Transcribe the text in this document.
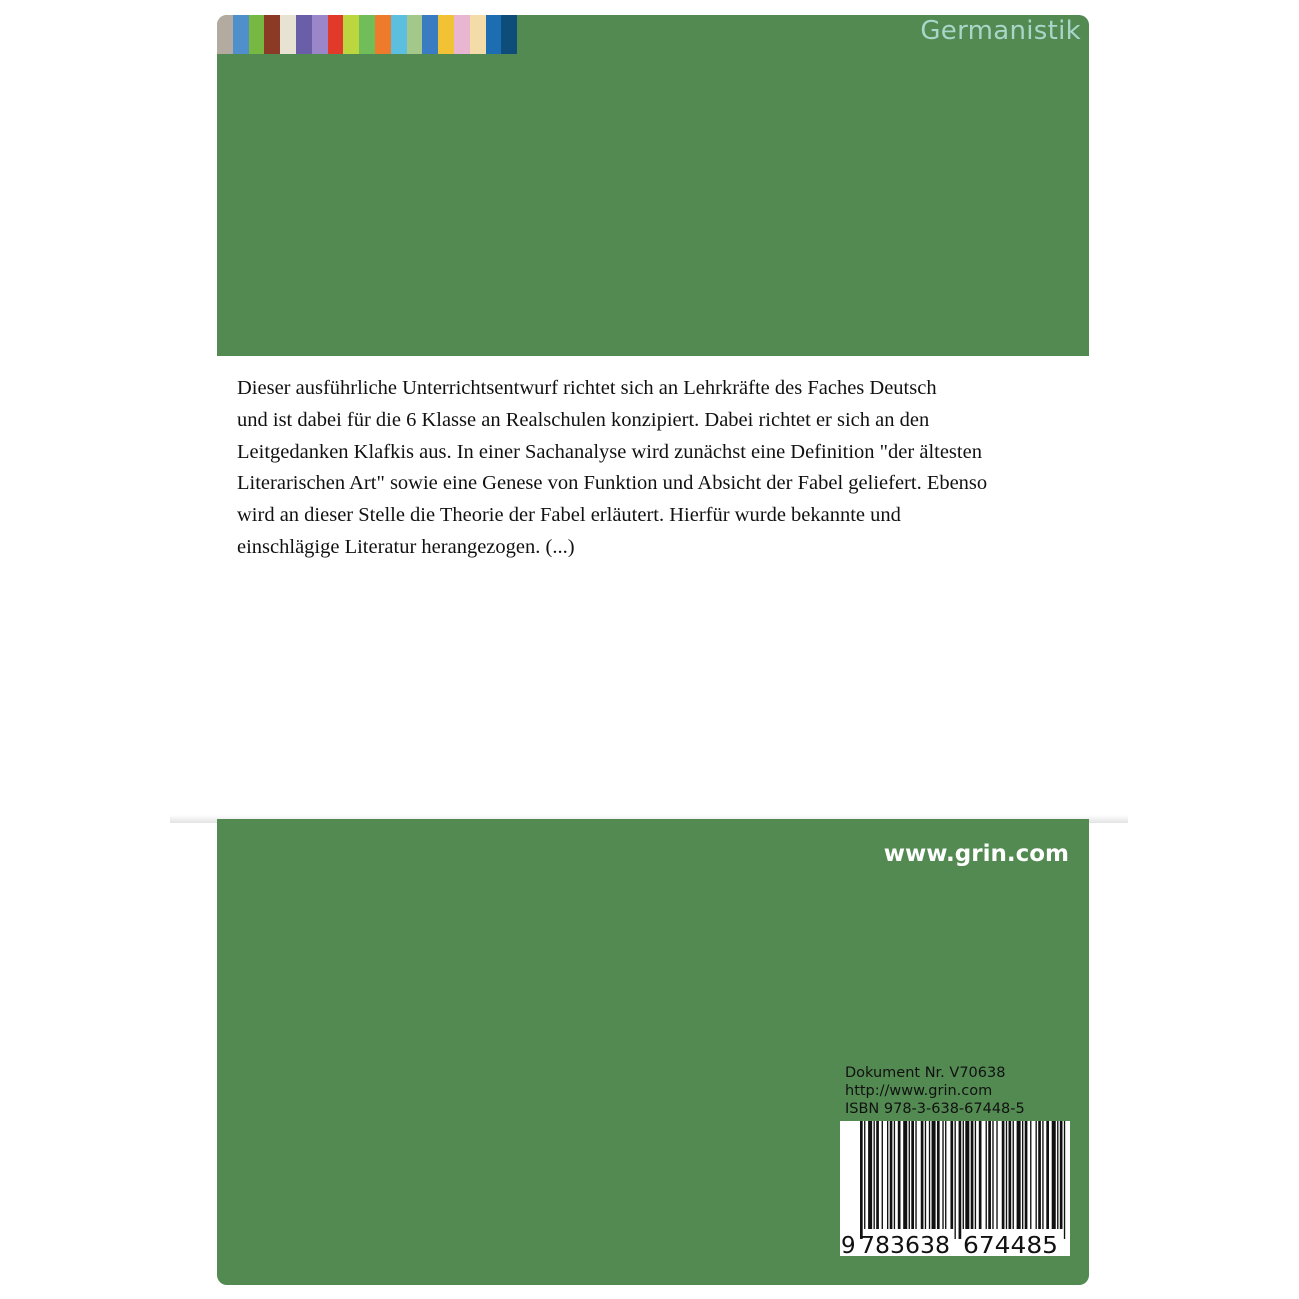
Germanistik

Dieser ausführliche Unterrichtsentwurf richtet sich an Lehrkräfte des Faches Deutsch
und ist dabei für die 6 Klasse an Realschulen konzipiert. Dabei richtet er sich an den
Leitgedanken Klafkis aus. In einer Sachanalyse wird zunächst eine Definition "der ältesten
Literarischen Art" sowie eine Genese von Funktion und Absicht der Fabel geliefert. Ebenso
wird an dieser Stelle die Theorie der Fabel erläutert. Hierfür wurde bekannte und
einschlägige Literatur herangezogen. (...)
www.grin.com
Dokument Nr. V70638
http://www.grin.com
ISBN 978-3-638-67448-5
9 783638 674485
